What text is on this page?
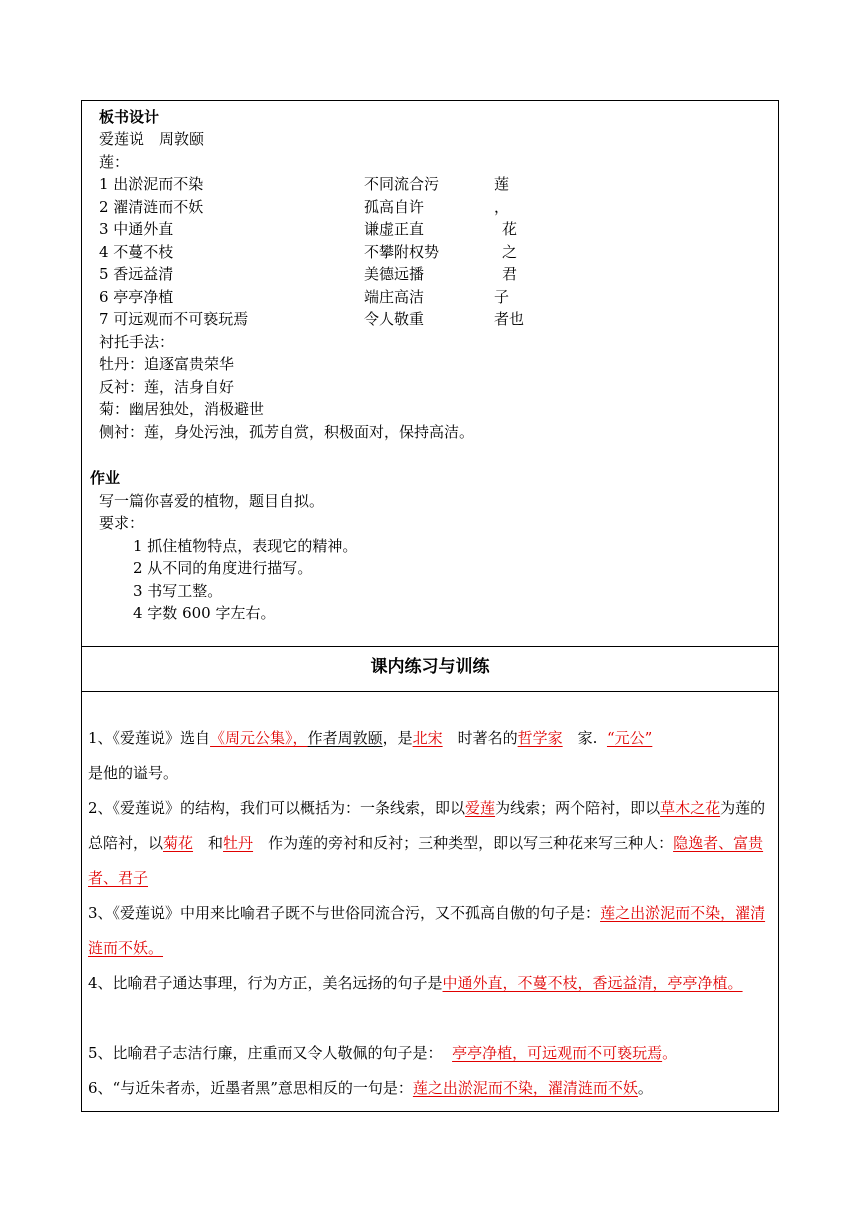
板书设计
爱莲说　周敦颐
莲：
1 出淤泥而不染	不同流合污	莲
2 濯清涟而不妖	孤高自许	，
3 中通外直	谦虚正直	花
4 不蔓不枝	不攀附权势	之
5 香远益清	美德远播	君
6 亭亭净植	端庄高洁	子
7 可远观而不可亵玩焉	令人敬重	者也
衬托手法：
牡丹：追逐富贵荣华
反衬：莲，洁身自好
菊：幽居独处，消极避世
侧衬：莲，身处污浊，孤芳自赏，积极面对，保持高洁。
作业
写一篇你喜爱的植物，题目自拟。
要求：
1 抓住植物特点，表现它的精神。
2 从不同的角度进行描写。
3 书写工整。
4 字数 600 字左右。
课内练习与训练
1、《爱莲说》选自《周元公集》，作者周敦颐，是北宋　时著名的哲学家　家. “元公”
是他的谥号。
2、《爱莲说》的结构，我们可以概括为：一条线索，即以爱莲为线索；两个陪衬，即以草木之花为莲的总陪衬，以菊花　和牡丹　作为莲的旁衬和反衬；三种类型，即以写三种花来写三种人：隐逸者、富贵者、君子
3、《爱莲说》中用来比喻君子既不与世俗同流合污，又不孤高自傲的句子是：莲之出淤泥而不染，濯清涟而不妖。
4、比喻君子通达事理，行为方正，美名远扬的句子是中通外直，不蔓不枝，香远益清，亭亭净植。
5、比喻君子志洁行廉，庄重而又令人敬佩的句子是： 亭亭净植，可远观而不可亵玩焉。
6、“与近朱者赤，近墨者黑”意思相反的一句是：莲之出淤泥而不染，濯清涟而不妖。
